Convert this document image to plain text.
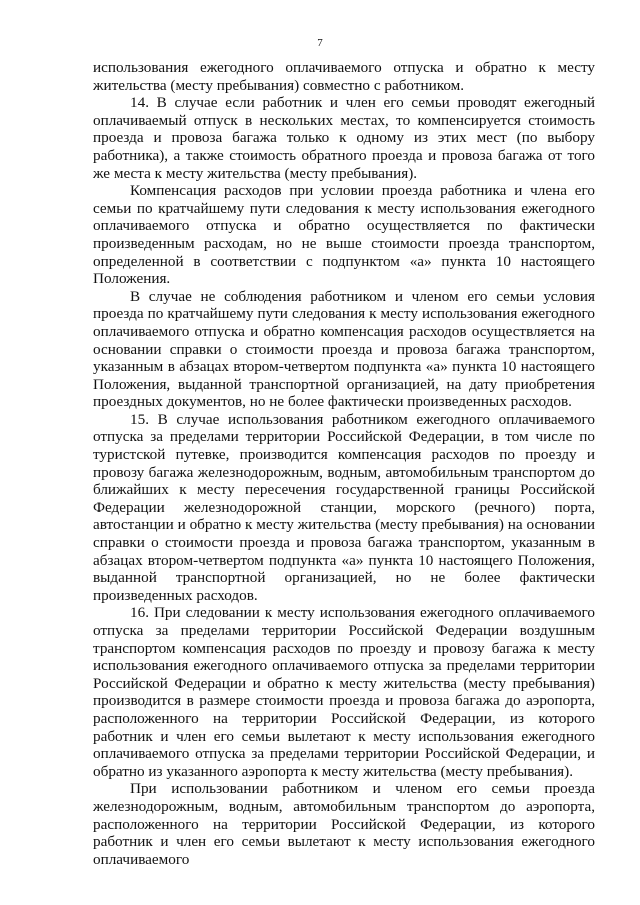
7

использования ежегодного оплачиваемого отпуска и обратно к месту жительства (месту пребывания) совместно с работником.

14. В случае если работник и член его семьи проводят ежегодный оплачиваемый отпуск в нескольких местах, то компенсируется стоимость проезда и провоза багажа только к одному из этих мест (по выбору работника), а также стоимость обратного проезда и провоза багажа от того же места к месту жительства (месту пребывания).

Компенсация расходов при условии проезда работника и члена его семьи по кратчайшему пути следования к месту использования ежегодного оплачиваемого отпуска и обратно осуществляется по фактически произведенным расходам, но не выше стоимости проезда транспортом, определенной в соответствии с подпунктом «а» пункта 10 настоящего Положения.

В случае не соблюдения работником и членом его семьи условия проезда по кратчайшему пути следования к месту использования ежегодного оплачиваемого отпуска и обратно компенсация расходов осуществляется на основании справки о стоимости проезда и провоза багажа транспортом, указанным в абзацах втором-четвертом подпункта «а» пункта 10 настоящего Положения, выданной транспортной организацией, на дату приобретения проездных документов, но не более фактически произведенных расходов.

15. В случае использования работником ежегодного оплачиваемого отпуска за пределами территории Российской Федерации, в том числе по туристской путевке, производится компенсация расходов по проезду и провозу багажа железнодорожным, водным, автомобильным транспортом до ближайших к месту пересечения государственной границы Российской Федерации железнодорожной станции, морского (речного) порта, автостанции и обратно к месту жительства (месту пребывания) на основании справки о стоимости проезда и провоза багажа транспортом, указанным в абзацах втором-четвертом подпункта «а» пункта 10 настоящего Положения, выданной транспортной организацией, но не более фактически произведенных расходов.

16. При следовании к месту использования ежегодного оплачиваемого отпуска за пределами территории Российской Федерации воздушным транспортом компенсация расходов по проезду и провозу багажа к месту использования ежегодного оплачиваемого отпуска за пределами территории Российской Федерации и обратно к месту жительства (месту пребывания) производится в размере стоимости проезда и провоза багажа до аэропорта, расположенного на территории Российской Федерации, из которого работник и член его семьи вылетают к месту использования ежегодного оплачиваемого отпуска за пределами территории Российской Федерации, и обратно из указанного аэропорта к месту жительства (месту пребывания).

При использовании работником и членом его семьи проезда железнодорожным, водным, автомобильным транспортом до аэропорта, расположенного на территории Российской Федерации, из которого работник и член его семьи вылетают к месту использования ежегодного оплачиваемого
